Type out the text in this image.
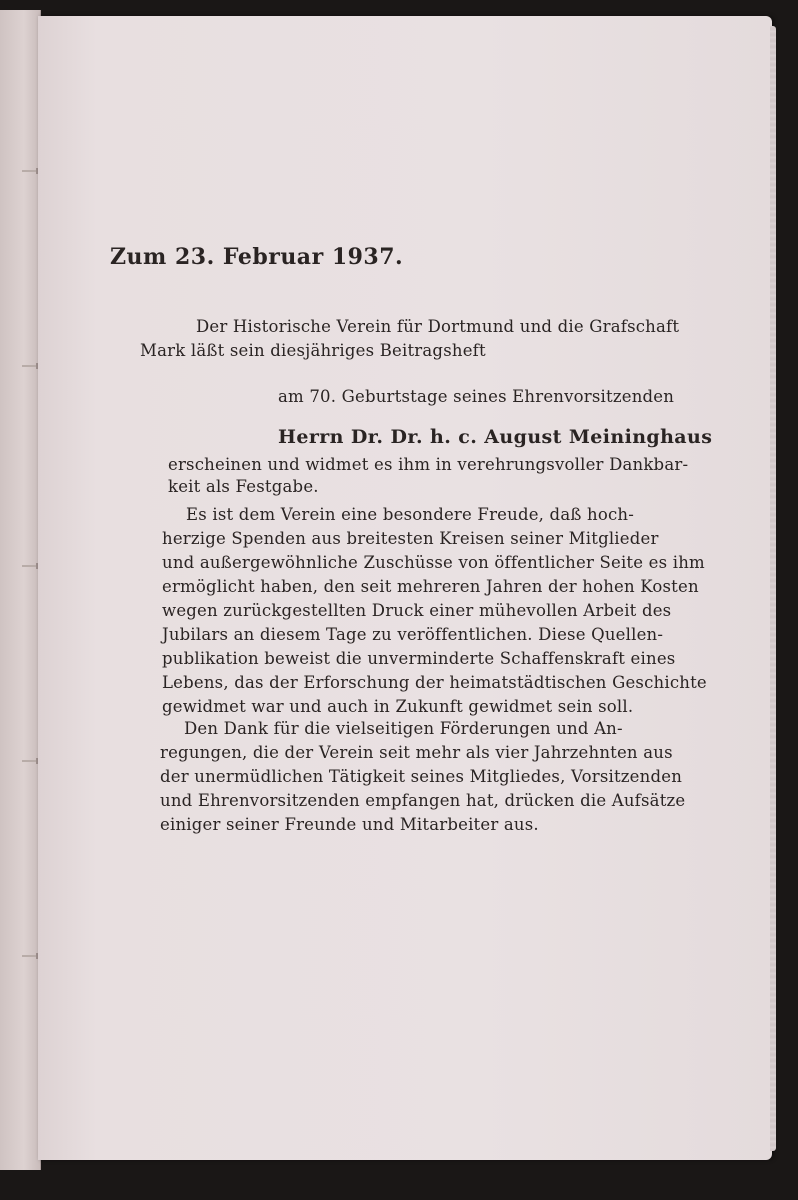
Zum 23. Februar 1937.
Der Historische Verein für Dortmund und die Grafschaft
Mark läßt sein diesjähriges Beitragsheft
am 70. Geburtstage seines Ehrenvorsitzenden
Herrn Dr. Dr. h. c. August Meininghaus
erscheinen und widmet es ihm in verehrungsvoller Dankbar-
keit als Festgabe.
Es ist dem Verein eine besondere Freude, daß hoch-
herzige Spenden aus breitesten Kreisen seiner Mitglieder
und außergewöhnliche Zuschüsse von öffentlicher Seite es ihm
ermöglicht haben, den seit mehreren Jahren der hohen Kosten
wegen zurückgestellten Druck einer mühevollen Arbeit des
Jubilars an diesem Tage zu veröffentlichen. Diese Quellen-
publikation beweist die unverminderte Schaffenskraft eines
Lebens, das der Erforschung der heimatstädtischen Geschichte
gewidmet war und auch in Zukunft gewidmet sein soll.
Den Dank für die vielseitigen Förderungen und An-
regungen, die der Verein seit mehr als vier Jahrzehnten aus
der unermüdlichen Tätigkeit seines Mitgliedes, Vorsitzenden
und Ehrenvorsitzenden empfangen hat, drücken die Aufsätze
einiger seiner Freunde und Mitarbeiter aus.
